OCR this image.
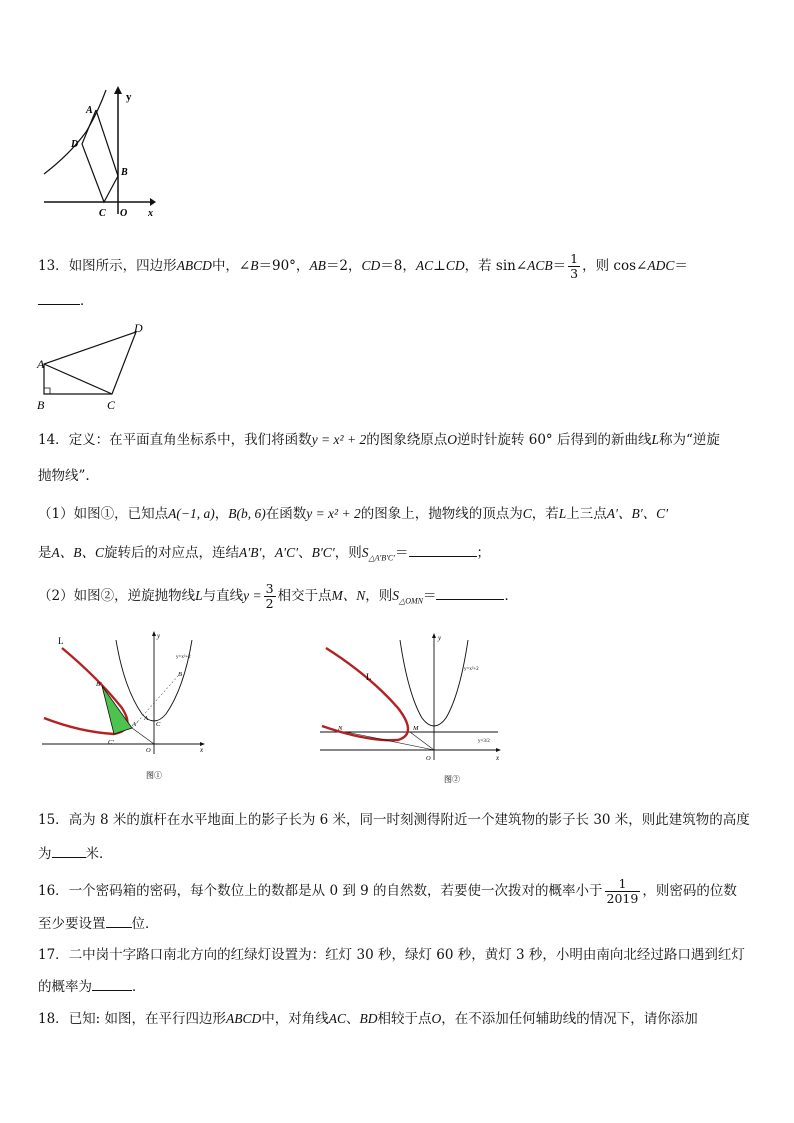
A
D
B
C O x
y
13．如图所示，四边形ABCD中，∠B＝90°，AB＝2，CD＝8，AC⊥CD，若 sin∠ACB＝ $\frac{1}{3}$ ，则 cos∠ADC＝
．
A
B	C
D
14．定义：在平面直角坐标系中，我们将函数y = x² + 2的图象绕原点O逆时针旋转 60° 后得到的新曲线L称为“逆旋
抛物线”.
（1）如图①，已知点A(−1, a)，B(b, 6)在函数y = x² + 2的图象上，抛物线的顶点为C，若L上三点A′、B′、C′
是A、B、C旋转后的对应点，连结A′B′，A′C′、B′C′，则$S_{\triangle A'B'C'}=$	；
（2）如图②，逆旋抛物线L与直线$y = \frac{3}{2}$ 相交于点M、N，则$S_{\triangle OMN}=$	．
L
B′
A′
C′
A
B
C
O	x
y
y=x²+2
图①
L
N	M
O	x
y
y=x²+2
y=3/2
图②
15．高为 8 米的旗杆在水平地面上的影子长为 6 米，同一时刻测得附近一个建筑物的影子长 30 米，则此建筑物的高度
为	米．
16．一个密码箱的密码，每个数位上的数都是从 0 到 9 的自然数，若要使一次拨对的概率小于 $\frac{1}{2019}$ ，则密码的位数
至少要设置 位．
17．二中岗十字路口南北方向的红绿灯设置为：红灯 30 秒，绿灯 60 秒，黄灯 3 秒，小明由南向北经过路口遇到红灯
的概率为	．
18．已知: 如图，在平行四边形ABCD中，对角线AC、BD相较于点O，在不添加任何辅助线的情况下，请你添加
